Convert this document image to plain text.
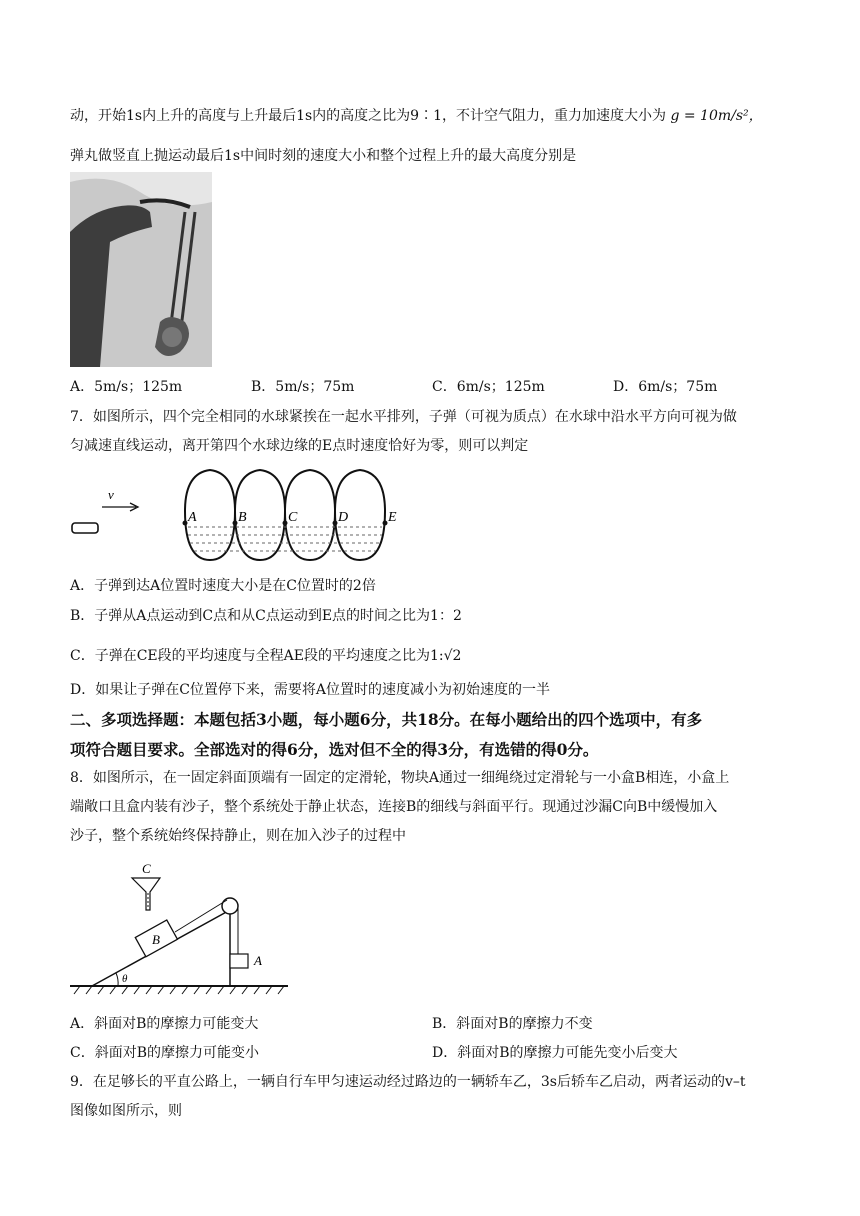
动，开始1s内上升的高度与上升最后1s内的高度之比为9∶1，不计空气阻力，重力加速度大小为 g = 10m/s²，
弹丸做竖直上抛运动最后1s中间时刻的速度大小和整个过程上升的最大高度分别是
A．5m/s；125m	B．5m/s；75m	C．6m/s；125m	D．6m/s；75m
7．如图所示，四个完全相同的水球紧挨在一起水平排列，子弹（可视为质点）在水球中沿水平方向可视为做
匀减速直线运动，离开第四个水球边缘的E点时速度恰好为零，则可以判定
v
A	B	C	D	E
A．子弹到达A位置时速度大小是在C位置时的2倍
B．子弹从A点运动到C点和从C点运动到E点的时间之比为1：2
C．子弹在CE段的平均速度与全程AE段的平均速度之比为1:√2
D．如果让子弹在C位置停下来，需要将A位置时的速度减小为初始速度的一半
二、多项选择题：本题包括3小题，每小题6分，共18分。在每小题给出的四个选项中，有多
项符合题目要求。全部选对的得6分，选对但不全的得3分，有选错的得0分。
8．如图所示，在一固定斜面顶端有一固定的定滑轮，物块A通过一细绳绕过定滑轮与一小盒B相连，小盒上
端敞口且盒内装有沙子，整个系统处于静止状态，连接B的细线与斜面平行。现通过沙漏C向B中缓慢加入
沙子，整个系统始终保持静止，则在加入沙子的过程中
C
B
A
θ
A．斜面对B的摩擦力可能变大	B．斜面对B的摩擦力不变
C．斜面对B的摩擦力可能变小	D．斜面对B的摩擦力可能先变小后变大
9．在足够长的平直公路上，一辆自行车甲匀速运动经过路边的一辆轿车乙，3s后轿车乙启动，两者运动的v–t
图像如图所示，则
